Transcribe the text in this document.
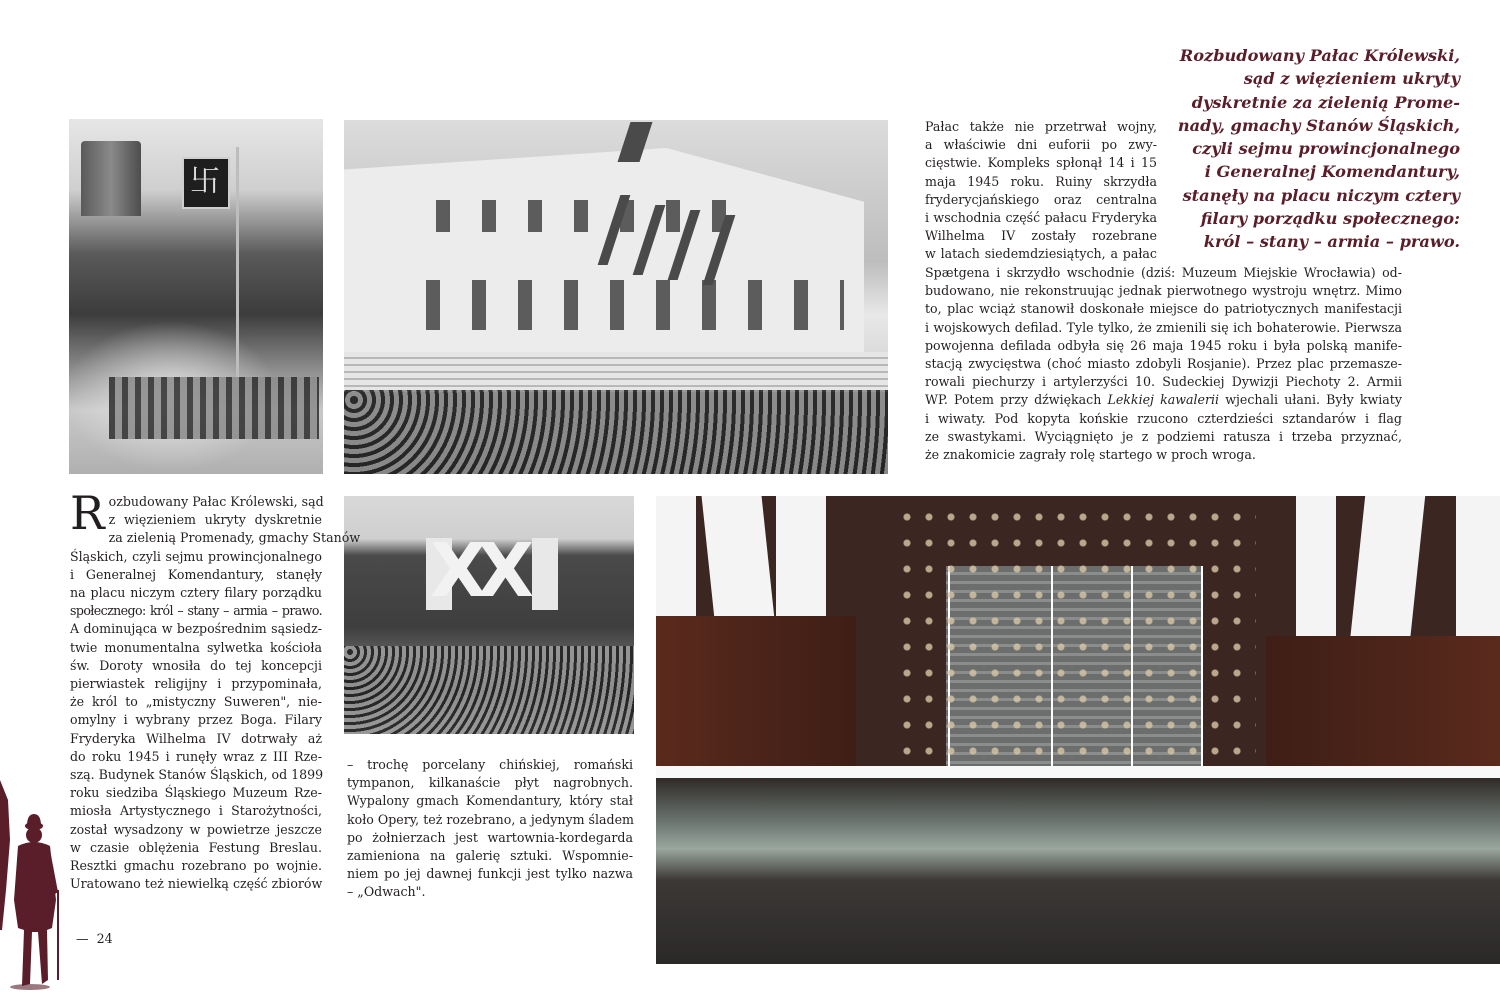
卐
XX
Rozbudowany Pałac Królewski,
sąd z więzieniem ukryty
dyskretnie za zielenią Prome-
nady, gmachy Stanów Śląskich,
czyli sejmu prowincjonalnego
i Generalnej Komendantury,
stanęły na placu niczym cztery
filary porządku społecznego:
król – stany – armia – prawo.
Pałac także nie przetrwał wojny,
a właściwie dni euforii po zwy-
cięstwie. Kompleks spłonął 14 i 15
maja 1945 roku. Ruiny skrzydła
fryderycjańskiego oraz centralna
i wschodnia część pałacu Fryderyka
Wilhelma IV zostały rozebrane
w latach siedemdziesiątych, a pałac
Spætgena i skrzydło wschodnie (dziś: Muzeum Miejskie Wrocławia) od-
budowano, nie rekonstruując jednak pierwotnego wystroju wnętrz. Mimo
to, plac wciąż stanowił doskonałe miejsce do patriotycznych manifestacji
i wojskowych defilad. Tyle tylko, że zmienili się ich bohaterowie. Pierwsza
powojenna defilada odbyła się 26 maja 1945 roku i była polską manife-
stacją zwycięstwa (choć miasto zdobyli Rosjanie). Przez plac przemasze-
rowali piechurzy i artylerzyści 10. Sudeckiej Dywizji Piechoty 2. Armii
WP. Potem przy dźwiękach Lekkiej kawalerii wjechali ułani. Były kwiaty
i wiwaty. Pod kopyta końskie rzucono czterdzieści sztandarów i flag
ze swastykami. Wyciągnięto je z podziemi ratusza i trzeba przyznać,
że znakomicie zagrały rolę startego w proch wroga.
R ozbudowany Pałac Królewski, sąd
z więzieniem ukryty dyskretnie
za zielenią Promenady, gmachy Stanów
Śląskich, czyli sejmu prowincjonalnego
i Generalnej Komendantury, stanęły
na placu niczym cztery filary porządku
społecznego: król – stany – armia – prawo.
A dominująca w bezpośrednim sąsiedz-
twie monumentalna sylwetka kościoła
św. Doroty wnosiła do tej koncepcji
pierwiastek religijny i przypominała,
że król to „mistyczny Suweren", nie-
omylny i wybrany przez Boga. Filary
Fryderyka Wilhelma IV dotrwały aż
do roku 1945 i runęły wraz z III Rze-
szą. Budynek Stanów Śląskich, od 1899
roku siedziba Śląskiego Muzeum Rze-
miosła Artystycznego i Starożytności,
został wysadzony w powietrze jeszcze
w czasie oblężenia Festung Breslau.
Resztki gmachu rozebrano po wojnie.
Uratowano też niewielką część zbiorów
– trochę porcelany chińskiej, romański
tympanon, kilkanaście płyt nagrobnych.
Wypalony gmach Komendantury, który stał
koło Opery, też rozebrano, a jedynym śladem
po żołnierzach jest wartownia-kordegarda
zamieniona na galerię sztuki. Wspomnie-
niem po jej dawnej funkcji jest tylko nazwa
– „Odwach".
— 24
